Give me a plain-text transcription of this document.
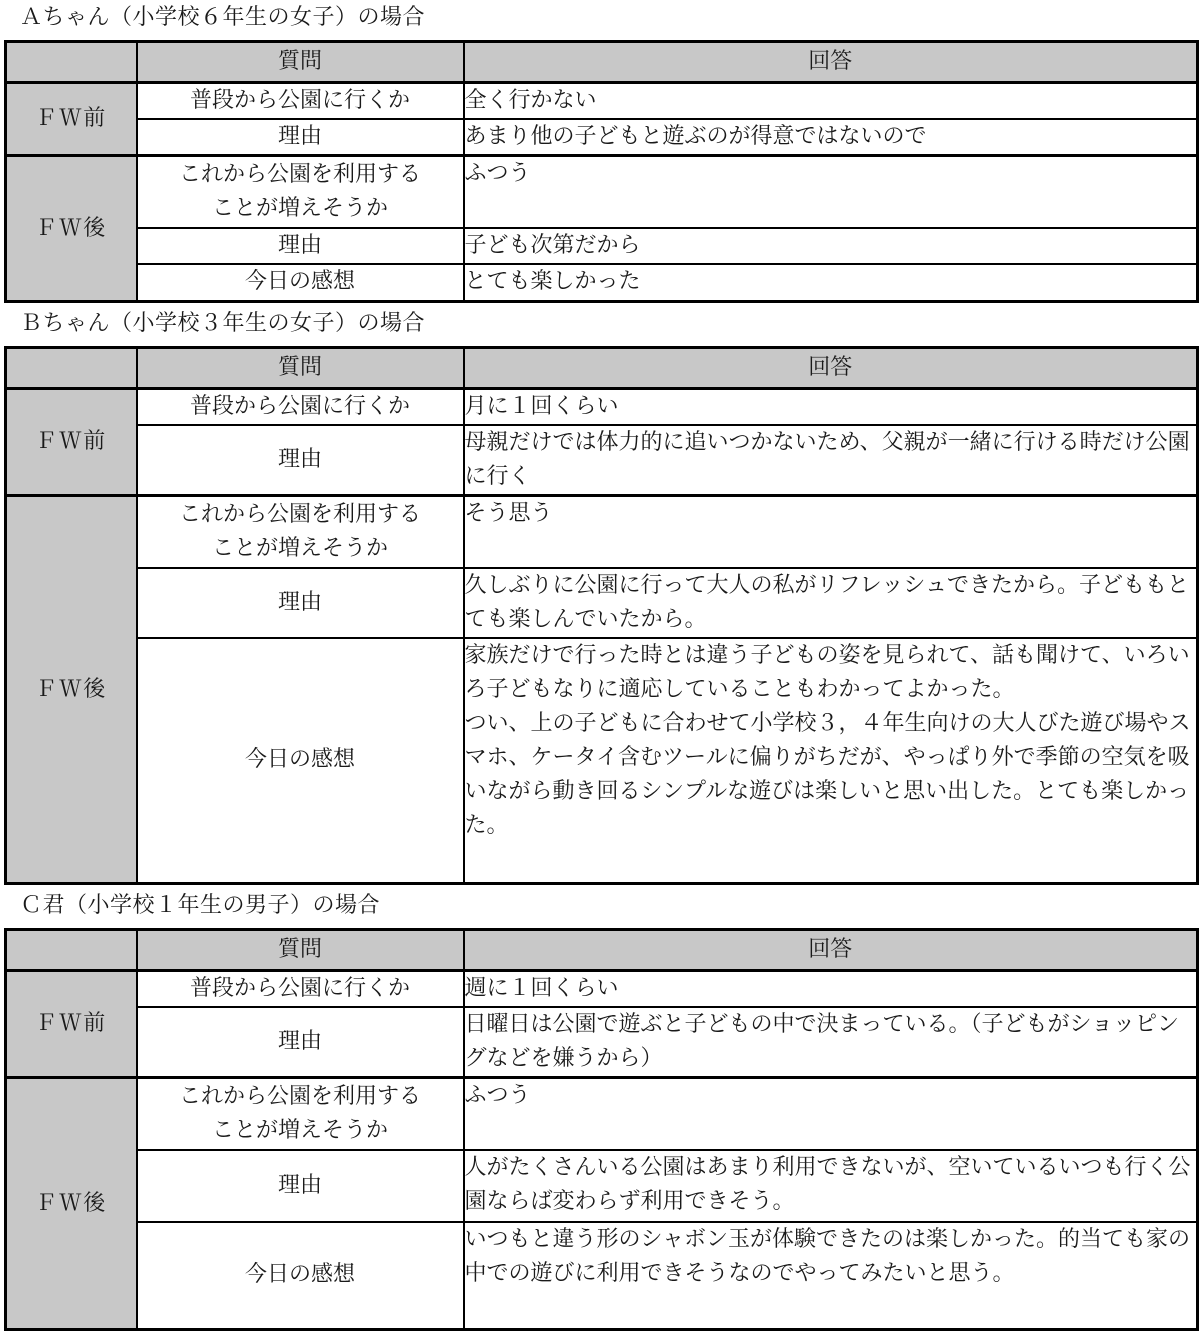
Ａちゃん（小学校６年生の女子）の場合
	質問	回答
ＦＷ前	普段から公園に行くか	全く行かない
	理由	あまり他の子どもと遊ぶのが得意ではないので
ＦＷ後	これから公園を利用する
ことが増えそうか	ふつう
	理由	子ども次第だから
	今日の感想	とても楽しかった
Ｂちゃん（小学校３年生の女子）の場合
	質問	回答
ＦＷ前	普段から公園に行くか	月に１回くらい
	理由	母親だけでは体力的に追いつかないため、父親が一緒に行ける時だけ公園に行く
ＦＷ後	これから公園を利用する
ことが増えそうか	そう思う
	理由	久しぶりに公園に行って大人の私がリフレッシュできたから。子どももとても楽しんでいたから。
	今日の感想	家族だけで行った時とは違う子どもの姿を見られて、話も聞けて、いろいろ子どもなりに適応していることもわかってよかった。
つい、上の子どもに合わせて小学校３，４年生向けの大人びた遊び場やスマホ、ケータイ含むツールに偏りがちだが、やっぱり外で季節の空気を吸いながら動き回るシンプルな遊びは楽しいと思い出した。とても楽しかった。
Ｃ君（小学校１年生の男子）の場合
	質問	回答
ＦＷ前	普段から公園に行くか	週に１回くらい
	理由	日曜日は公園で遊ぶと子どもの中で決まっている。（子どもがショッピングなどを嫌うから）
ＦＷ後	これから公園を利用する
ことが増えそうか	ふつう
	理由	人がたくさんいる公園はあまり利用できないが、空いているいつも行く公園ならば変わらず利用できそう。
	今日の感想	いつもと違う形のシャボン玉が体験できたのは楽しかった。的当ても家の中での遊びに利用できそうなのでやってみたいと思う。
